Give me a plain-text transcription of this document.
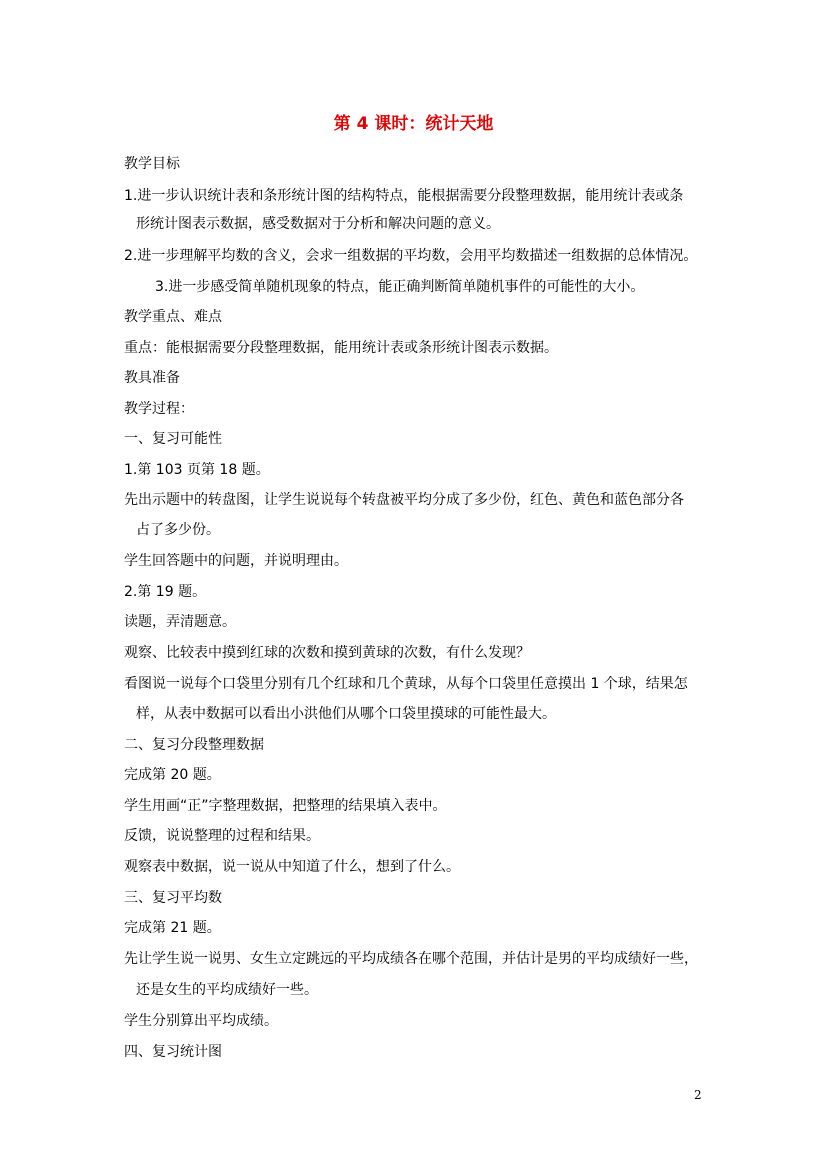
第 4 课时：统计天地
教学目标
1.进一步认识统计表和条形统计图的结构特点，能根据需要分段整理数据，能用统计表或条
形统计图表示数据，感受数据对于分析和解决问题的意义。
2.进一步理解平均数的含义，会求一组数据的平均数，会用平均数描述一组数据的总体情况。
3.进一步感受简单随机现象的特点，能正确判断简单随机事件的可能性的大小。
教学重点、难点
重点：能根据需要分段整理数据，能用统计表或条形统计图表示数据。
教具准备
教学过程：
一、复习可能性
1.第 103 页第 18 题。
先出示题中的转盘图，让学生说说每个转盘被平均分成了多少份，红色、黄色和蓝色部分各
占了多少份。
学生回答题中的问题，并说明理由。
2.第 19 题。
读题，弄清题意。
观察、比较表中摸到红球的次数和摸到黄球的次数，有什么发现？
看图说一说每个口袋里分别有几个红球和几个黄球，从每个口袋里任意摸出 1 个球，结果怎
样，从表中数据可以看出小洪他们从哪个口袋里摸球的可能性最大。
二、复习分段整理数据
完成第 20 题。
学生用画“正”字整理数据，把整理的结果填入表中。
反馈，说说整理的过程和结果。
观察表中数据，说一说从中知道了什么，想到了什么。
三、复习平均数
完成第 21 题。
先让学生说一说男、女生立定跳远的平均成绩各在哪个范围，并估计是男的平均成绩好一些，
还是女生的平均成绩好一些。
学生分别算出平均成绩。
四、复习统计图
2
